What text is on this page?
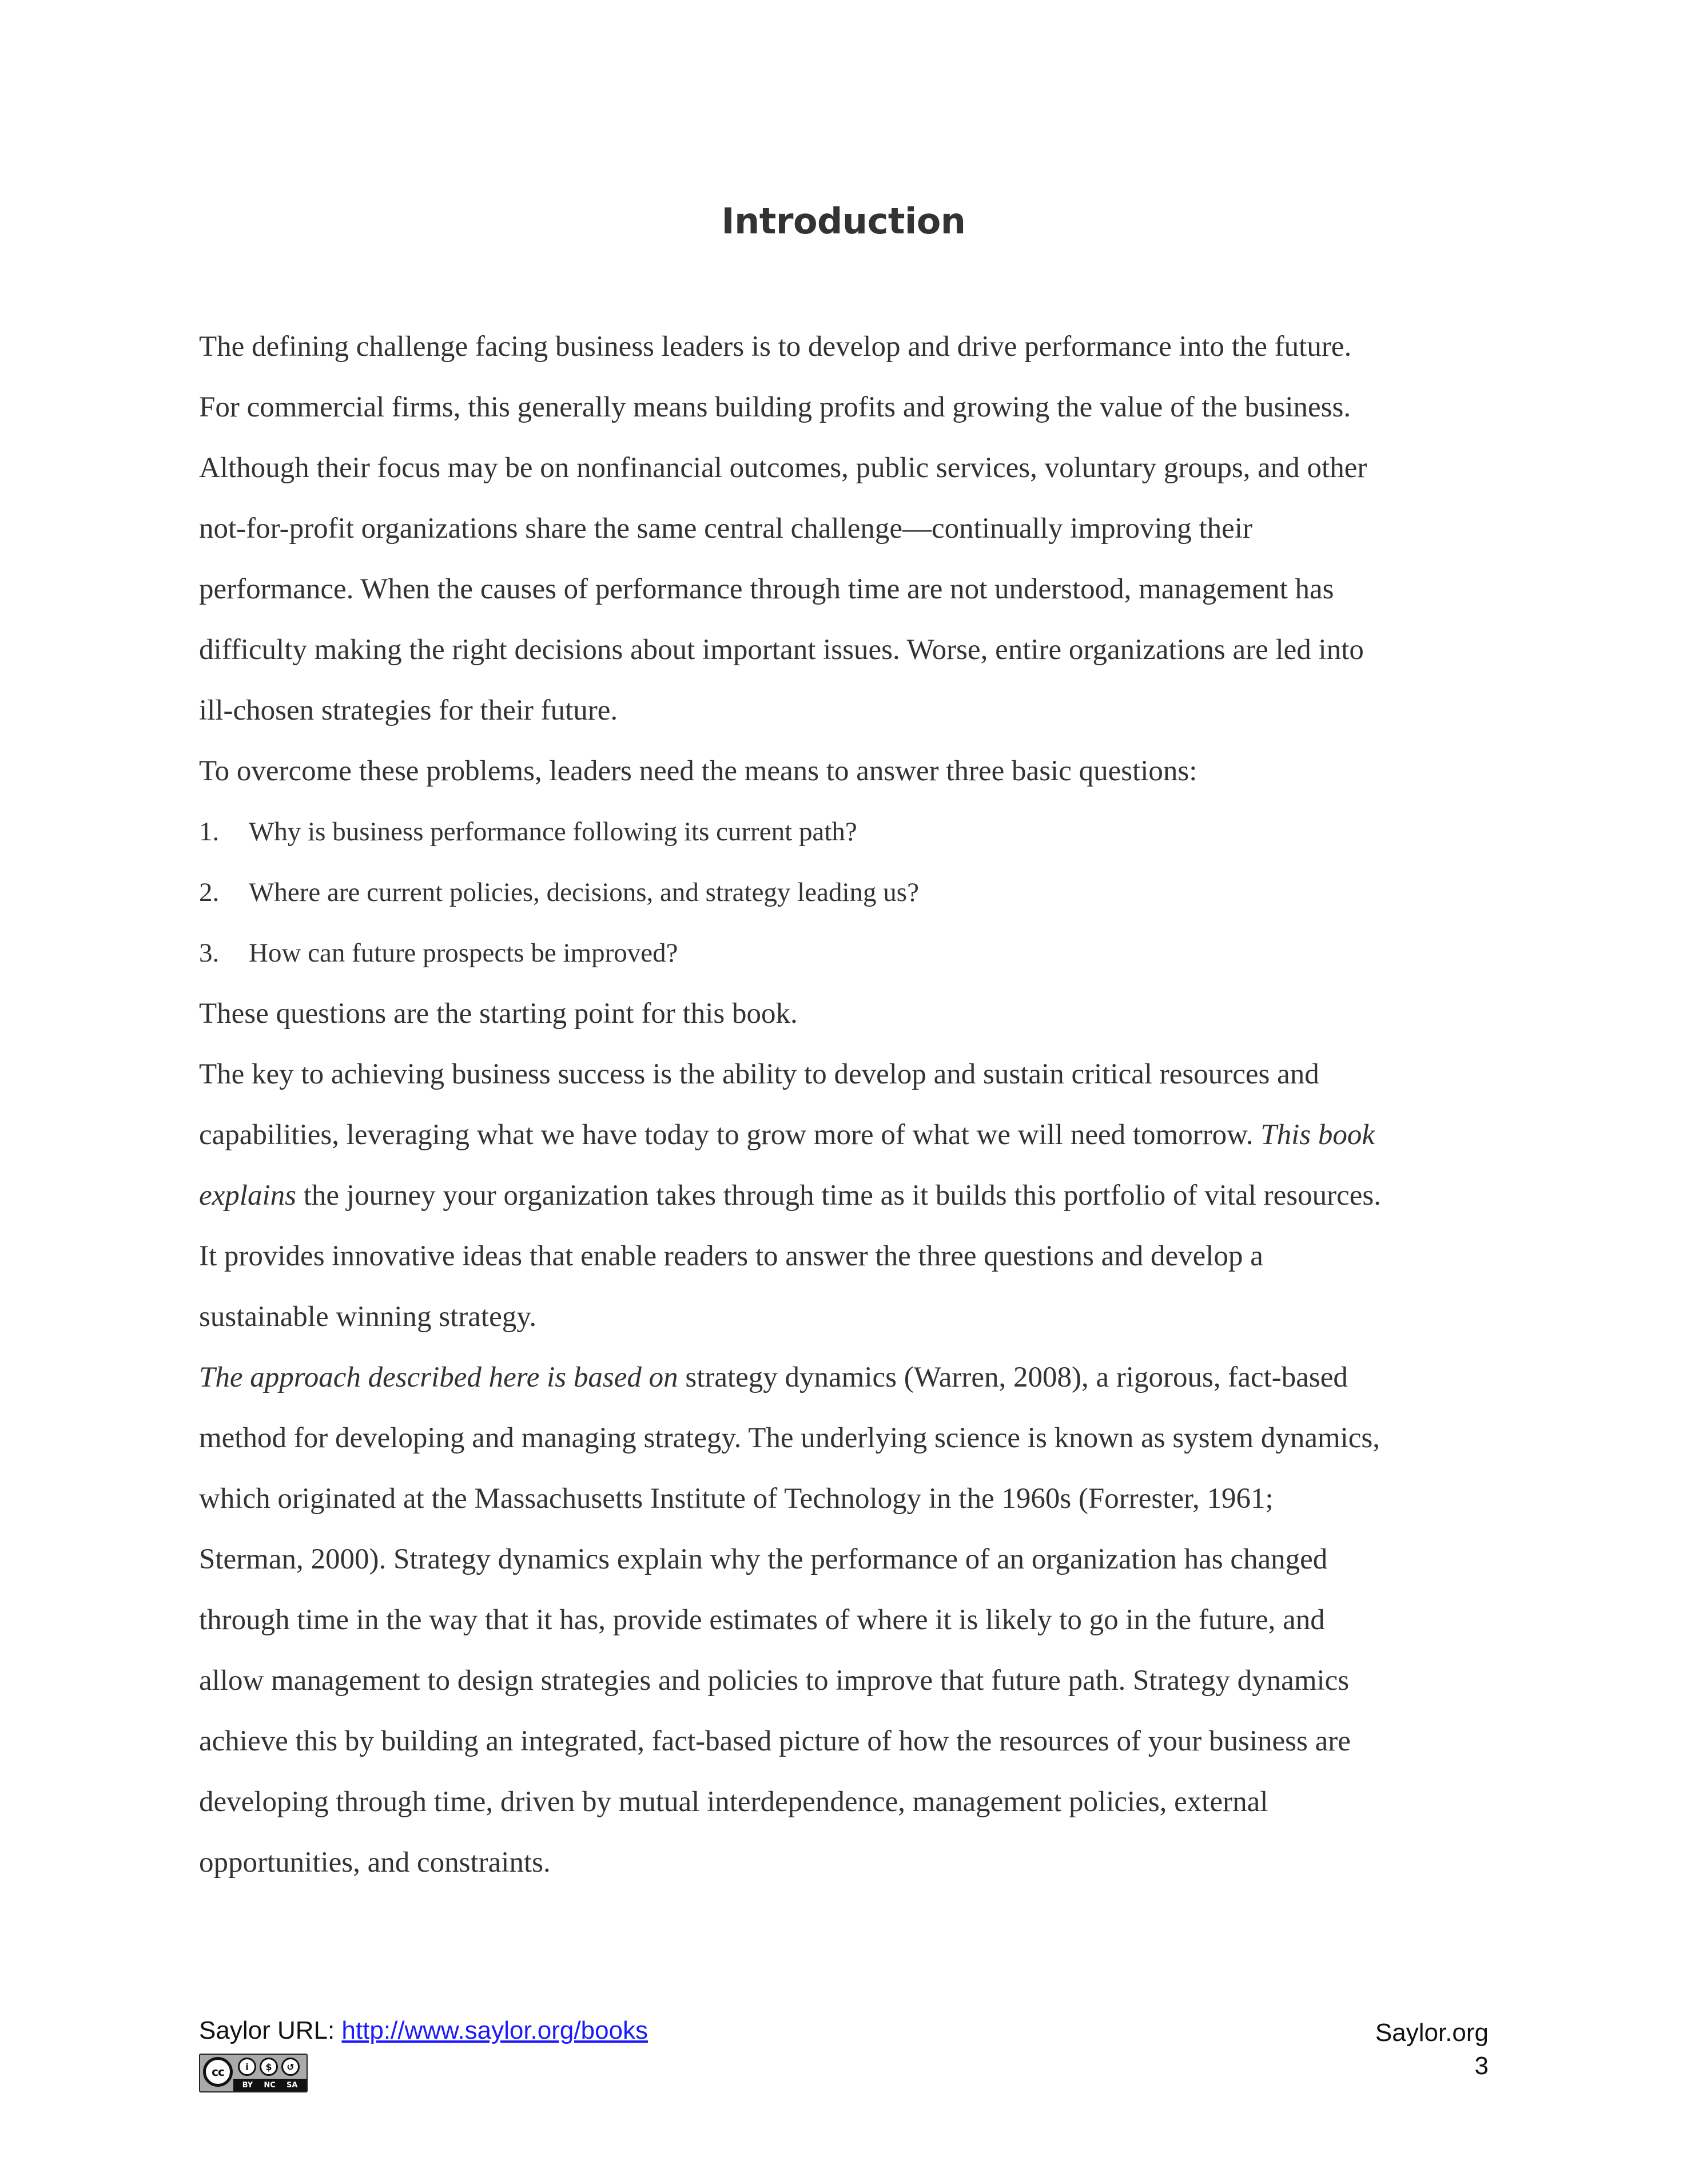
Introduction
The defining challenge facing business leaders is to develop and drive performance into the future.
For commercial firms, this generally means building profits and growing the value of the business.
Although their focus may be on nonfinancial outcomes, public services, voluntary groups, and other
not-for-profit organizations share the same central challenge—continually improving their
performance. When the causes of performance through time are not understood, management has
difficulty making the right decisions about important issues. Worse, entire organizations are led into
ill-chosen strategies for their future.
To overcome these problems, leaders need the means to answer three basic questions:
1.	Why is business performance following its current path?
2.	Where are current policies, decisions, and strategy leading us?
3.	How can future prospects be improved?
These questions are the starting point for this book.
The key to achieving business success is the ability to develop and sustain critical resources and
capabilities, leveraging what we have today to grow more of what we will need tomorrow. This book
explains the journey your organization takes through time as it builds this portfolio of vital resources.
It provides innovative ideas that enable readers to answer the three questions and develop a
sustainable winning strategy.
The approach described here is based on strategy dynamics (Warren, 2008), a rigorous, fact-based
method for developing and managing strategy. The underlying science is known as system dynamics,
which originated at the Massachusetts Institute of Technology in the 1960s (Forrester, 1961;
Sterman, 2000). Strategy dynamics explain why the performance of an organization has changed
through time in the way that it has, provide estimates of where it is likely to go in the future, and
allow management to design strategies and policies to improve that future path. Strategy dynamics
achieve this by building an integrated, fact-based picture of how the resources of your business are
developing through time, driven by mutual interdependence, management policies, external
opportunities, and constraints.
Saylor URL: http://www.saylor.org/books
cc	i	$	↺
BY NC SA
Saylor.org
3
